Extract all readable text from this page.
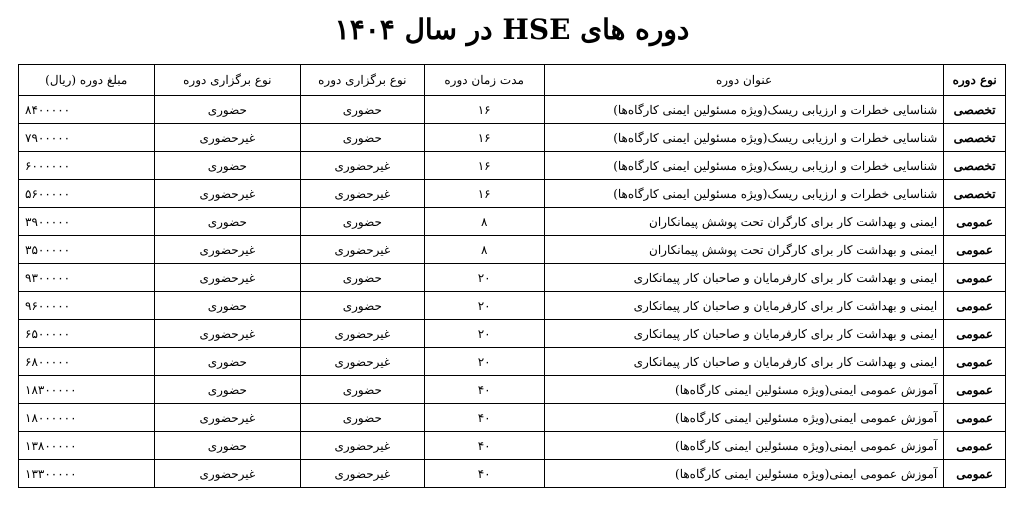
دوره های HSE در سال ۱۴۰۴
مبلغ دوره (ریال)	نوع برگزاری دوره	نوع برگزاری دوره	مدت زمان دوره	عنوان دوره	نوع دوره
۸۴۰۰۰۰۰	حضوری	حضوری	۱۶	شناسایی خطرات و ارزیابی ریسک(ویژه مسئولین ایمنی کارگاه‌ها)	تخصصی
۷۹۰۰۰۰۰	غیرحضوری	حضوری	۱۶	شناسایی خطرات و ارزیابی ریسک(ویژه مسئولین ایمنی کارگاه‌ها)	تخصصی
۶۰۰۰۰۰۰	حضوری	غیرحضوری	۱۶	شناسایی خطرات و ارزیابی ریسک(ویژه مسئولین ایمنی کارگاه‌ها)	تخصصی
۵۶۰۰۰۰۰	غیرحضوری	غیرحضوری	۱۶	شناسایی خطرات و ارزیابی ریسک(ویژه مسئولین ایمنی کارگاه‌ها)	تخصصی
۳۹۰۰۰۰۰	حضوری	حضوری	۸	ایمنی و بهداشت کار برای کارگران تحت پوشش پیمانکاران	عمومی
۳۵۰۰۰۰۰	غیرحضوری	غیرحضوری	۸	ایمنی و بهداشت کار برای کارگران تحت پوشش پیمانکاران	عمومی
۹۳۰۰۰۰۰	غیرحضوری	حضوری	۲۰	ایمنی و بهداشت کار برای کارفرمایان و صاحبان کار پیمانکاری	عمومی
۹۶۰۰۰۰۰	حضوری	حضوری	۲۰	ایمنی و بهداشت کار برای کارفرمایان و صاحبان کار پیمانکاری	عمومی
۶۵۰۰۰۰۰	غیرحضوری	غیرحضوری	۲۰	ایمنی و بهداشت کار برای کارفرمایان و صاحبان کار پیمانکاری	عمومی
۶۸۰۰۰۰۰	حضوری	غیرحضوری	۲۰	ایمنی و بهداشت کار برای کارفرمایان و صاحبان کار پیمانکاری	عمومی
۱۸۳۰۰۰۰۰	حضوری	حضوری	۴۰	آموزش عمومی ایمنی(ویژه مسئولین ایمنی کارگاه‌ها)	عمومی
۱۸۰۰۰۰۰۰	غیرحضوری	حضوری	۴۰	آموزش عمومی ایمنی(ویژه مسئولین ایمنی کارگاه‌ها)	عمومی
۱۳۸۰۰۰۰۰	حضوری	غیرحضوری	۴۰	آموزش عمومی ایمنی(ویژه مسئولین ایمنی کارگاه‌ها)	عمومی
۱۳۳۰۰۰۰۰	غیرحضوری	غیرحضوری	۴۰	آموزش عمومی ایمنی(ویژه مسئولین ایمنی کارگاه‌ها)	عمومی
